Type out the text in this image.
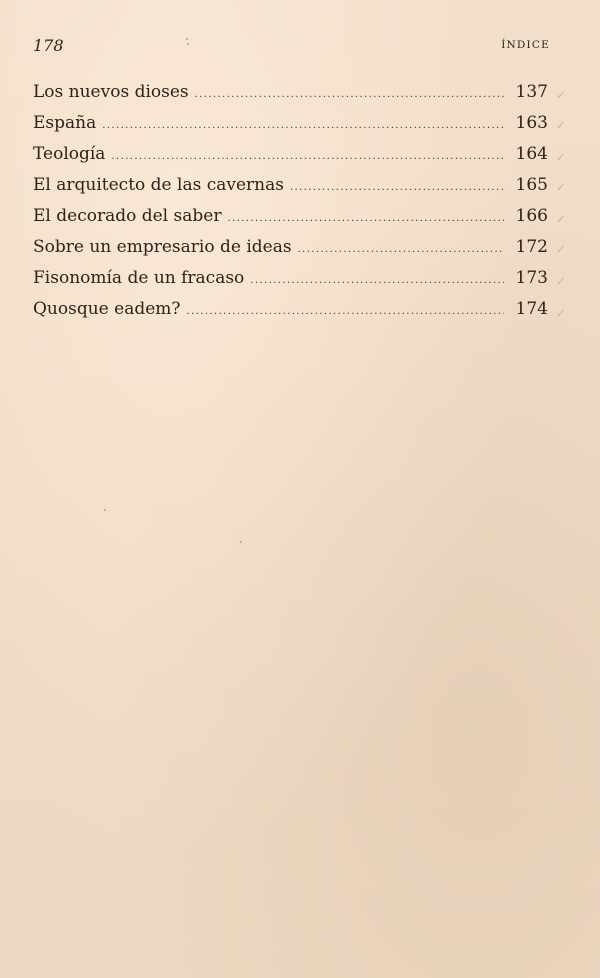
178	ÍNDICE
Los nuevos dioses .....	137
España .....	163
Teología .....	164
El arquitecto de las cavernas .....	165
El decorado del saber .....	166
Sobre un empresario de ideas .....	172
Fisonomía de un fracaso .....	173
Quosque eadem? .....	174
✓
✓
✓
✓
✓
✓
✓
✓
